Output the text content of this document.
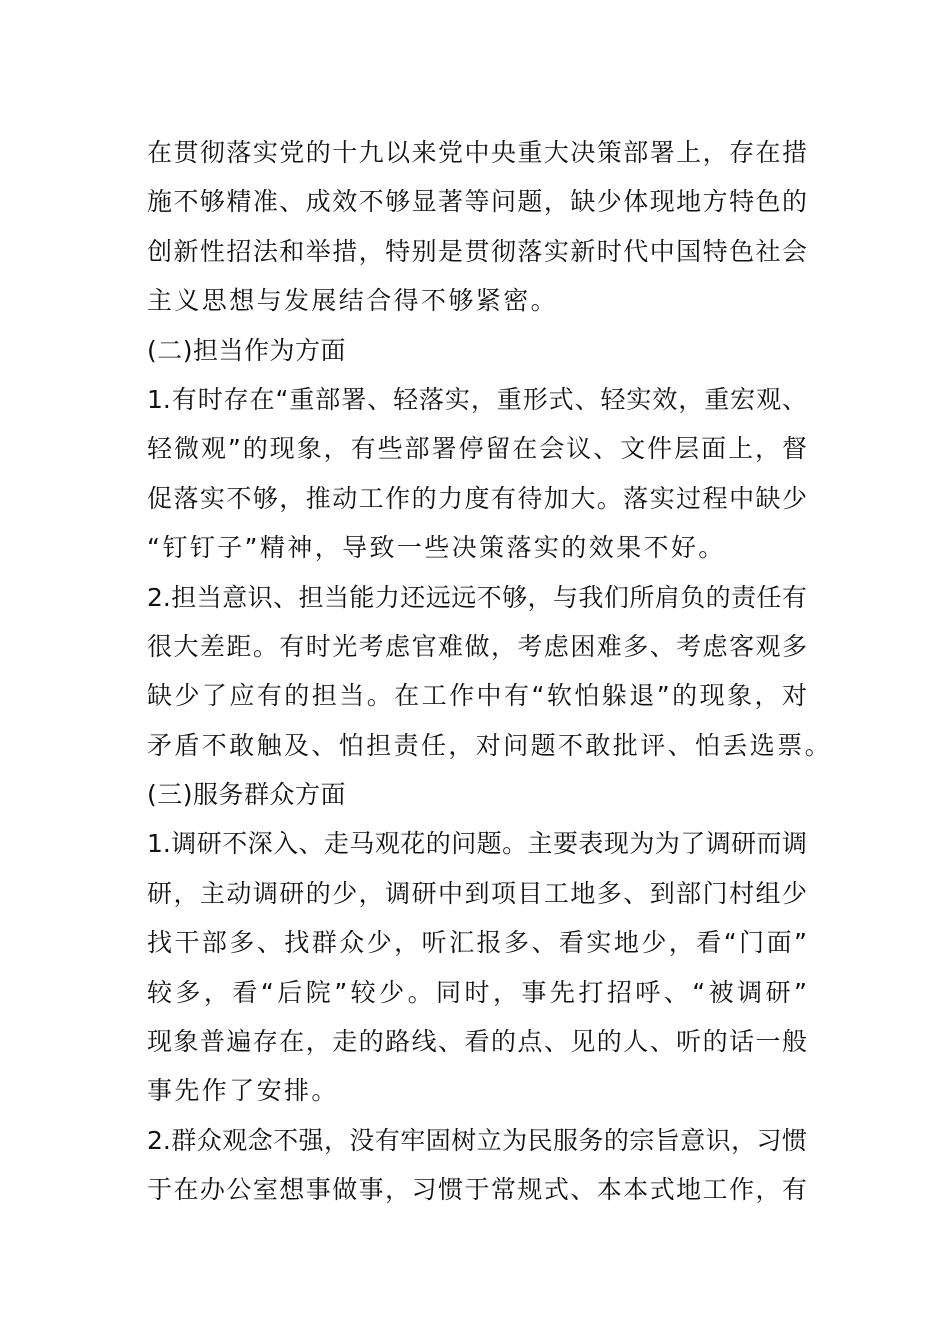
在贯彻落实党的十九以来党中央重大决策部署上，存在措
施不够精准、成效不够显著等问题，缺少体现地方特色的
创新性招法和举措，特别是贯彻落实新时代中国特色社会
主义思想与发展结合得不够紧密。
(二)担当作为方面
1.有时存在“重部署、轻落实，重形式、轻实效，重宏观、
轻微观”的现象，有些部署停留在会议、文件层面上，督
促落实不够，推动工作的力度有待加大。落实过程中缺少
“钉钉子”精神，导致一些决策落实的效果不好。
2.担当意识、担当能力还远远不够，与我们所肩负的责任有
很大差距。有时光考虑官难做，考虑困难多、考虑客观多
缺少了应有的担当。在工作中有“软怕躲退”的现象，对
矛盾不敢触及、怕担责任，对问题不敢批评、怕丢选票。
(三)服务群众方面
1.调研不深入、走马观花的问题。主要表现为为了调研而调
研，主动调研的少，调研中到项目工地多、到部门村组少
找干部多、找群众少，听汇报多、看实地少，看“门面”
较多，看“后院”较少。同时，事先打招呼、“被调研”
现象普遍存在，走的路线、看的点、见的人、听的话一般
事先作了安排。
2.群众观念不强，没有牢固树立为民服务的宗旨意识，习惯
于在办公室想事做事，习惯于常规式、本本式地工作，有
